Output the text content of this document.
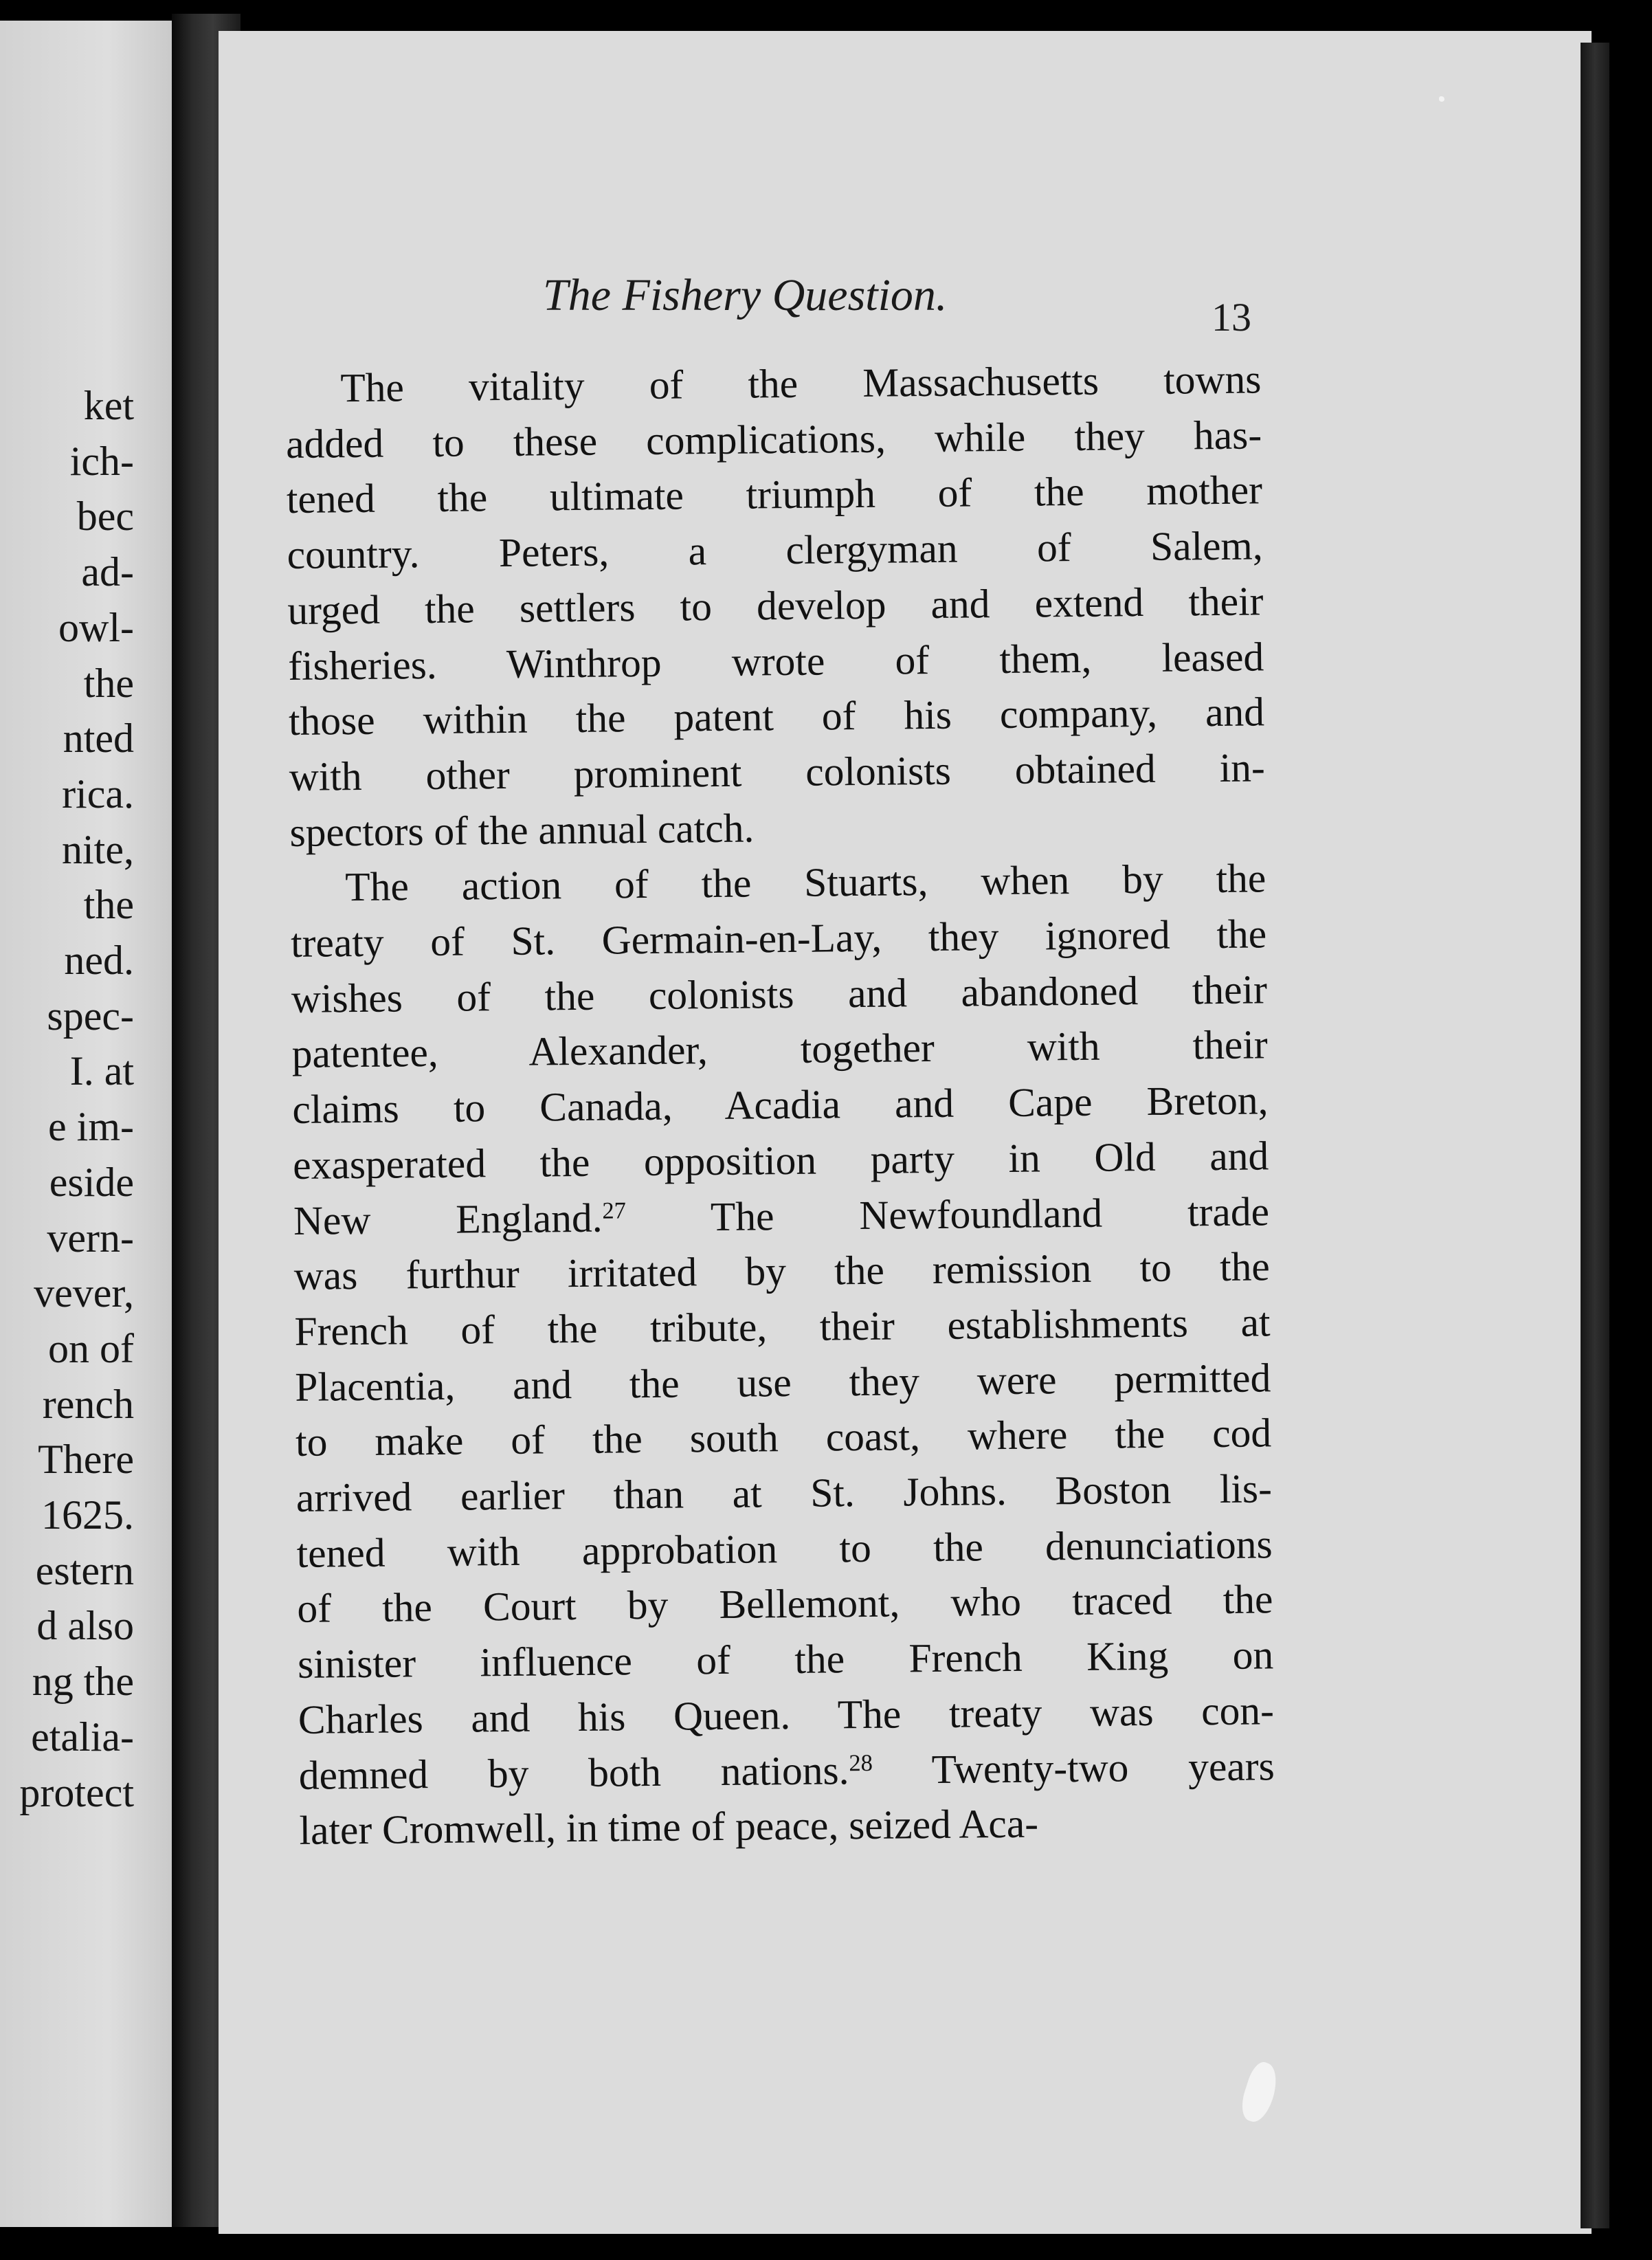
ket
ich-
bec
ad-
owl-
the
nted
rica.
nite,
the
ned.
spec-
I. at
e im-
eside
vern-
vever,
on of
rench
There
1625.
estern
d also
ng the
etalia-
protect
The Fishery Question.	13
The vitality of the Massachusetts towns
added to these complications, while they has-
tened the ultimate triumph of the mother
country. Peters, a clergyman of Salem,
urged the settlers to develop and extend their
fisheries. Winthrop wrote of them, leased
those within the patent of his company, and
with other prominent colonists obtained in-
spectors of the annual catch.
The action of the Stuarts, when by the
treaty of St. Germain-en-Lay, they ignored the
wishes of the colonists and abandoned their
patentee, Alexander, together with their
claims to Canada, Acadia and Cape Breton,
exasperated the opposition party in Old and
New England.$^{27}$ The Newfoundland trade
was furthur irritated by the remission to the
French of the tribute, their establishments at
Placentia, and the use they were permitted
to make of the south coast, where the cod
arrived earlier than at St. Johns. Boston lis-
tened with approbation to the denunciations
of the Court by Bellemont, who traced the
sinister influence of the French King on
Charles and his Queen. The treaty was con-
demned by both nations.$^{28}$ Twenty-two years
later Cromwell, in time of peace, seized Aca-
